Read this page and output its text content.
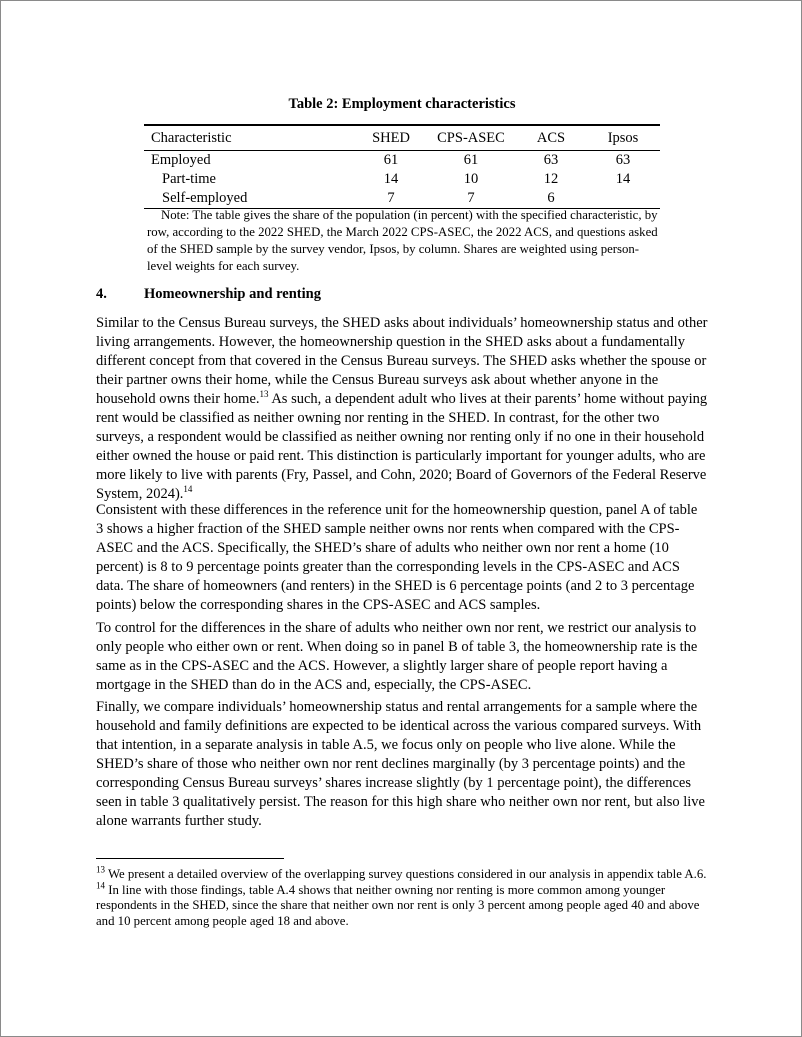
Table 2: Employment characteristics
Characteristic	SHED	CPS-ASEC	ACS	Ipsos
Employed	61	61	63	63
Part-time	14	10	12	14
Self-employed	7	7	6	
Note: The table gives the share of the population (in percent) with the specified characteristic, by row, according to the 2022 SHED, the March 2022 CPS-ASEC, the 2022 ACS, and questions asked of the SHED sample by the survey vendor, Ipsos, by column. Shares are weighted using person-level weights for each survey.
4.	Homeownership and renting

Similar to the Census Bureau surveys, the SHED asks about individuals’ homeownership status and other living arrangements. However, the homeownership question in the SHED asks about a fundamentally different concept from that covered in the Census Bureau surveys. The SHED asks whether the spouse or their partner owns their home, while the Census Bureau surveys ask about whether anyone in the household owns their home.$^{13}$ As such, a dependent adult who lives at their parents’ home without paying rent would be classified as neither owning nor renting in the SHED. In contrast, for the other two surveys, a respondent would be classified as neither owning nor renting only if no one in their household either owned the house or paid rent. This distinction is particularly important for younger adults, who are more likely to live with parents (Fry, Passel, and Cohn, 2020; Board of Governors of the Federal Reserve System, 2024).$^{14}$

Consistent with these differences in the reference unit for the homeownership question, panel A of table 3 shows a higher fraction of the SHED sample neither owns nor rents when compared with the CPS-ASEC and the ACS. Specifically, the SHED’s share of adults who neither own nor rent a home (10 percent) is 8 to 9 percentage points greater than the corresponding levels in the CPS-ASEC and ACS data. The share of homeowners (and renters) in the SHED is 6 percentage points (and 2 to 3 percentage points) below the corresponding shares in the CPS-ASEC and ACS samples.

To control for the differences in the share of adults who neither own nor rent, we restrict our analysis to only people who either own or rent. When doing so in panel B of table 3, the homeownership rate is the same as in the CPS-ASEC and the ACS. However, a slightly larger share of people report having a mortgage in the SHED than do in the ACS and, especially, the CPS-ASEC.

Finally, we compare individuals’ homeownership status and rental arrangements for a sample where the household and family definitions are expected to be identical across the various compared surveys. With that intention, in a separate analysis in table A.5, we focus only on people who live alone. While the SHED’s share of those who neither own nor rent declines marginally (by 3 percentage points) and the corresponding Census Bureau surveys’ shares increase slightly (by 1 percentage point), the differences seen in table 3 qualitatively persist. The reason for this high share who neither own nor rent, but also live alone warrants further study.

$^{13}$ We present a detailed overview of the overlapping survey questions considered in our analysis in appendix table A.6.

$^{14}$ In line with those findings, table A.4 shows that neither owning nor renting is more common among younger respondents in the SHED, since the share that neither own nor rent is only 3 percent among people aged 40 and above and 10 percent among people aged 18 and above.
